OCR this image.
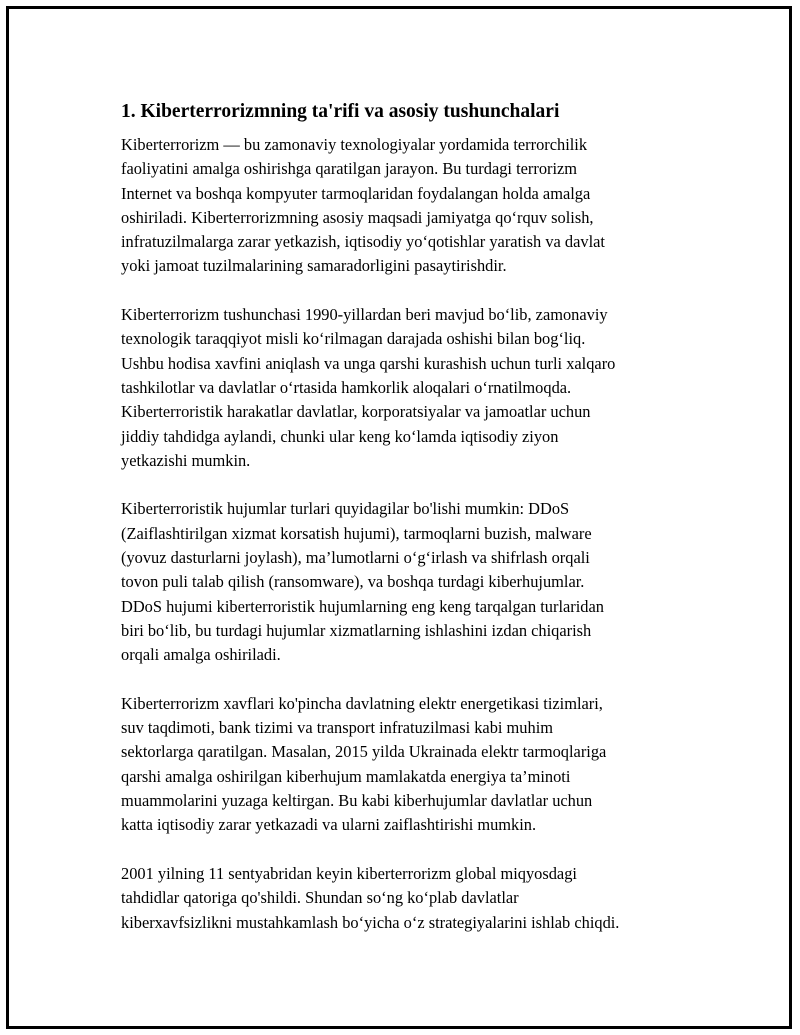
1. Kiberterrorizmning ta'rifi va asosiy tushunchalari

Kiberterrorizm — bu zamonaviy texnologiyalar yordamida terrorchilik
faoliyatini amalga oshirishga qaratilgan jarayon. Bu turdagi terrorizm
Internet va boshqa kompyuter tarmoqlaridan foydalangan holda amalga
oshiriladi. Kiberterrorizmning asosiy maqsadi jamiyatga qo‘rquv solish,
infratuzilmalarga zarar yetkazish, iqtisodiy yo‘qotishlar yaratish va davlat
yoki jamoat tuzilmalarining samaradorligini pasaytirishdir.

Kiberterrorizm tushunchasi 1990-yillardan beri mavjud bo‘lib, zamonaviy
texnologik taraqqiyot misli ko‘rilmagan darajada oshishi bilan bog‘liq.
Ushbu hodisa xavfini aniqlash va unga qarshi kurashish uchun turli xalqaro
tashkilotlar va davlatlar o‘rtasida hamkorlik aloqalari o‘rnatilmoqda.
Kiberterroristik harakatlar davlatlar, korporatsiyalar va jamoatlar uchun
jiddiy tahdidga aylandi, chunki ular keng ko‘lamda iqtisodiy ziyon
yetkazishi mumkin.

Kiberterroristik hujumlar turlari quyidagilar bo'lishi mumkin: DDoS
(Zaiflashtirilgan xizmat korsatish hujumi), tarmoqlarni buzish, malware
(yovuz dasturlarni joylash), ma’lumotlarni o‘g‘irlash va shifrlash orqali
tovon puli talab qilish (ransomware), va boshqa turdagi kiberhujumlar.
DDoS hujumi kiberterroristik hujumlarning eng keng tarqalgan turlaridan
biri bo‘lib, bu turdagi hujumlar xizmatlarning ishlashini izdan chiqarish
orqali amalga oshiriladi.

Kiberterrorizm xavflari ko'pincha davlatning elektr energetikasi tizimlari,
suv taqdimoti, bank tizimi va transport infratuzilmasi kabi muhim
sektorlarga qaratilgan. Masalan, 2015 yilda Ukrainada elektr tarmoqlariga
qarshi amalga oshirilgan kiberhujum mamlakatda energiya ta’minoti
muammolarini yuzaga keltirgan. Bu kabi kiberhujumlar davlatlar uchun
katta iqtisodiy zarar yetkazadi va ularni zaiflashtirishi mumkin.

2001 yilning 11 sentyabridan keyin kiberterrorizm global miqyosdagi
tahdidlar qatoriga qo'shildi. Shundan so‘ng ko‘plab davlatlar
kiberxavfsizlikni mustahkamlash bo‘yicha o‘z strategiyalarini ishlab chiqdi.
